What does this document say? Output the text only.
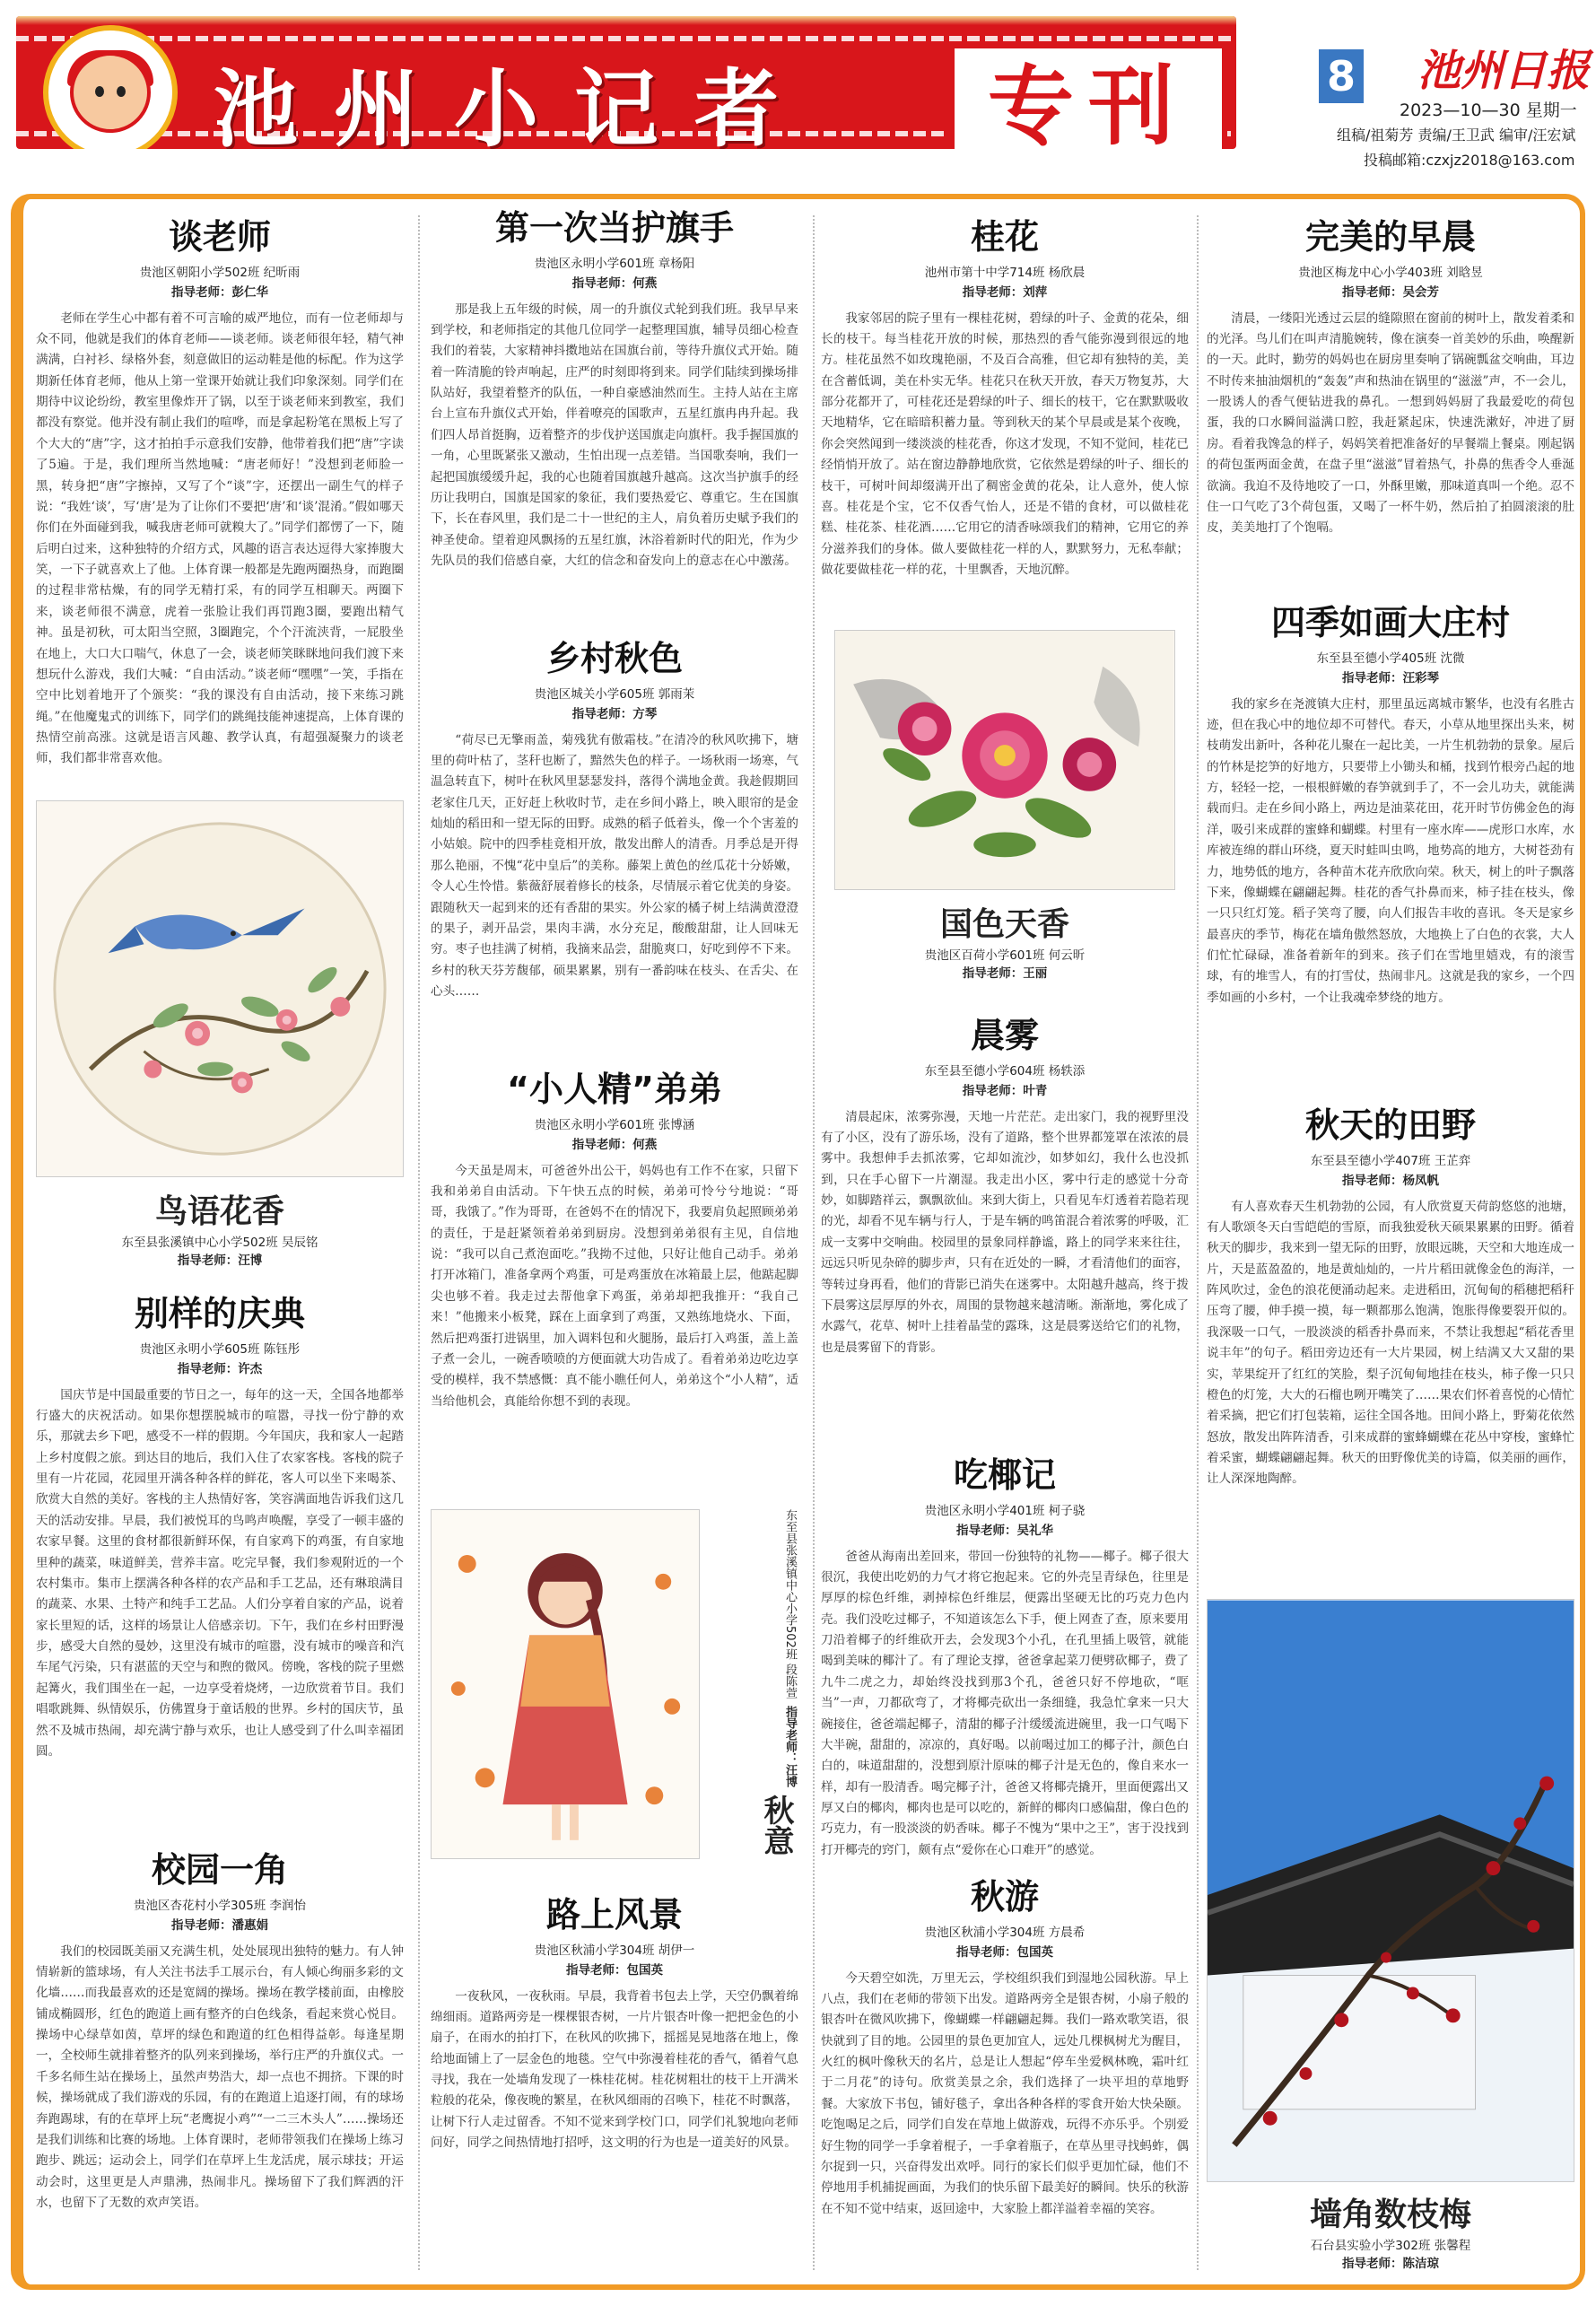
池州小记者	专刊	8 池州日报
2023—10—30 星期一
组稿/祖菊芳 责编/王卫武 编审/汪宏斌
投稿邮箱:czxjz2018@163.com
谈老师
贵池区朝阳小学502班 纪昕雨
指导老师：彭仁华
老师在学生心中都有着不可言喻的威严地位，而有一位老师却与众不同，他就是我们的体育老师——谈老师。谈老师很年轻，精气神满满，白衬衫、绿格外套，刻意做旧的运动鞋是他的标配。作为这学期新任体育老师，他从上第一堂课开始就让我们印象深刻。同学们在期待中议论纷纷，教室里像炸开了锅，以至于谈老师来到教室，我们都没有察觉。他并没有制止我们的喧哗，而是拿起粉笔在黑板上写了个大大的“唐”字，这才拍拍手示意我们安静，他带着我们把“唐”字读了5遍。于是，我们理所当然地喊：“唐老师好！”没想到老师脸一黑，转身把“唐”字擦掉，又写了个“谈”字，还摆出一副生气的样子说：“我姓‘谈’，写‘唐’是为了让你们不要把‘唐’和‘谈’混淆。”假如哪天你们在外面碰到我，喊我唐老师可就糗大了。”同学们都愣了一下，随后明白过来，这种独特的介绍方式，风趣的语言表达逗得大家捧腹大笑，一下子就喜欢上了他。上体育课一般都是先跑两圈热身，而跑圈的过程非常枯燥，有的同学无精打采，有的同学互相聊天。两圈下来，谈老师很不满意，虎着一张脸让我们再罚跑3圈，要跑出精气神。虽是初秋，可太阳当空照，3圈跑完，个个汗流浃背，一屁股坐在地上，大口大口喘气，休息了一会，谈老师笑眯眯地问我们渡下来想玩什么游戏，我们大喊：“自由活动。”谈老师“嘿嘿”一笑，手指在空中比划着地开了个颁奖：“我的课没有自由活动，接下来练习跳绳。”在他魔鬼式的训练下，同学们的跳绳技能神速提高，上体育课的热情空前高涨。这就是语言风趣、教学认真，有超强凝聚力的谈老师，我们都非常喜欢他。
鸟语花香
东至县张溪镇中心小学502班 吴辰铭
指导老师：汪博
别样的庆典
贵池区永明小学605班 陈钰彤
指导老师：许杰
国庆节是中国最重要的节日之一，每年的这一天，全国各地都举行盛大的庆祝活动。如果你想摆脱城市的喧嚣，寻找一份宁静的欢乐，那就去乡下吧，感受不一样的假期。今年国庆，我和家人一起踏上乡村度假之旅。到达目的地后，我们入住了农家客栈。客栈的院子里有一片花园，花园里开满各种各样的鲜花，客人可以坐下来喝茶、欣赏大自然的美好。客栈的主人热情好客，笑容满面地告诉我们这几天的活动安排。早晨，我们被悦耳的鸟鸣声唤醒，享受了一顿丰盛的农家早餐。这里的食材都很新鲜环保，有自家鸡下的鸡蛋，有自家地里种的蔬菜，味道鲜美，营养丰富。吃完早餐，我们参观附近的一个农村集市。集市上摆满各种各样的农产品和手工艺品，还有琳琅满目的蔬菜、水果、土特产和纯手工艺品。人们分享着自家的产品，说着家长里短的话，这样的场景让人倍感亲切。下午，我们在乡村田野漫步，感受大自然的曼妙，这里没有城市的喧嚣，没有城市的噪音和汽车尾气污染，只有湛蓝的天空与和煦的微风。傍晚，客栈的院子里燃起篝火，我们围坐在一起，一边享受着烧烤，一边欣赏着节目。我们唱歌跳舞、纵情娱乐，仿佛置身于童话般的世界。乡村的国庆节，虽然不及城市热闹，却充满宁静与欢乐，也让人感受到了什么叫幸福团圆。
校园一角
贵池区杏花村小学305班 李润怡
指导老师：潘惠娟
我们的校园既美丽又充满生机，处处展现出独特的魅力。有人钟情崭新的篮球场，有人关注书法手工展示台，有人倾心绚丽多彩的文化墙……而我最喜欢的还是宽阔的操场。操场在教学楼前面，由橡胶铺成椭圆形，红色的跑道上画有整齐的白色线条，看起来赏心悦目。操场中心绿草如茵，草坪的绿色和跑道的红色相得益彰。每逢星期一，全校师生就排着整齐的队列来到操场，举行庄严的升旗仪式。一千多名师生站在操场上，虽然声势浩大，却一点也不拥挤。下课的时候，操场就成了我们游戏的乐园，有的在跑道上追逐打闹，有的球场奔跑踢球，有的在草坪上玩“老鹰捉小鸡”“一二三木头人”……操场还是我们训练和比赛的场地。上体育课时，老师带领我们在操场上练习跑步、跳远；运动会上，同学们在草坪上生龙活虎，展示球技；开运动会时，这里更是人声鼎沸，热闹非凡。操场留下了我们辉洒的汗水，也留下了无数的欢声笑语。
第一次当护旗手
贵池区永明小学601班 章杨阳
指导老师：何燕
那是我上五年级的时候，周一的升旗仪式轮到我们班。我早早来到学校，和老师指定的其他几位同学一起整理国旗，辅导员细心检查我们的着装，大家精神抖擞地站在国旗台前，等待升旗仪式开始。随着一阵清脆的铃声响起，庄严的时刻即将到来。同学们陆续到操场排队站好，我望着整齐的队伍，一种自豪感油然而生。主持人站在主席台上宣布升旗仪式开始，伴着嘹亮的国歌声，五星红旗冉冉升起。我们四人昂首挺胸，迈着整齐的步伐护送国旗走向旗杆。我手握国旗的一角，心里既紧张又激动，生怕出现一点差错。当国歌奏响，我们一起把国旗缓缓升起，我的心也随着国旗越升越高。这次当护旗手的经历让我明白，国旗是国家的象征，我们要热爱它、尊重它。生在国旗下，长在春风里，我们是二十一世纪的主人，肩负着历史赋予我们的神圣使命。望着迎风飘扬的五星红旗，沐浴着新时代的阳光，作为少先队员的我们倍感自豪，大红的信念和奋发向上的意志在心中激荡。
乡村秋色
贵池区城关小学605班 郭雨茉
指导老师：方琴
“荷尽已无擎雨盖，菊残犹有傲霜枝。”在清冷的秋风吹拂下，塘里的荷叶枯了，茎秆也断了，黯然失色的样子。一场秋雨一场寒，气温急转直下，树叶在秋风里瑟瑟发抖，落得个满地金黄。我趁假期回老家住几天，正好赶上秋收时节，走在乡间小路上，映入眼帘的是金灿灿的稻田和一望无际的田野。成熟的稻子低着头，像一个个害羞的小姑娘。院中的四季桂竟相开放，散发出醉人的清香。月季总是开得那么艳丽，不愧“花中皇后”的美称。藤架上黄色的丝瓜花十分娇嫩，令人心生怜惜。紫薇舒展着修长的枝条，尽情展示着它优美的身姿。跟随秋天一起到来的还有香甜的果实。外公家的橘子树上结满黄澄澄的果子，剥开品尝，果肉丰满，水分充足，酸酸甜甜，让人回味无穷。枣子也挂满了树梢，我摘来品尝，甜脆爽口，好吃到停不下来。乡村的秋天芬芳馥郁，硕果累累，别有一番韵味在枝头、在舌尖、在心头……
“小人精”弟弟
贵池区永明小学601班 张博涵
指导老师：何燕
今天虽是周末，可爸爸外出公干，妈妈也有工作不在家，只留下我和弟弟自由活动。下午快五点的时候，弟弟可怜兮兮地说：“哥哥，我饿了。”作为哥哥，在爸妈不在的情况下，我要肩负起照顾弟弟的责任，于是赶紧领着弟弟到厨房。没想到弟弟很有主见，自信地说：“我可以自己煮泡面吃。”我拗不过他，只好让他自己动手。弟弟打开冰箱门，准备拿两个鸡蛋，可是鸡蛋放在冰箱最上层，他踮起脚尖也够不着。我走过去帮他拿下鸡蛋，弟弟却把我推开：“我自己来！”他搬来小板凳，踩在上面拿到了鸡蛋，又熟练地烧水、下面，然后把鸡蛋打进锅里，加入调料包和火腿肠，最后打入鸡蛋，盖上盖子煮一会儿，一碗香喷喷的方便面就大功告成了。看着弟弟边吃边享受的模样，我不禁感慨：真不能小瞧任何人，弟弟这个“小人精”，适当给他机会，真能给你想不到的表现。
东至县张溪镇中心小学502班 段陈萱
指导老师：汪博
秋意
路上风景
贵池区秋浦小学304班 胡伊一
指导老师：包国英
一夜秋风，一夜秋雨。早晨，我背着书包去上学，天空仍飘着绵绵细雨。道路两旁是一棵棵银杏树，一片片银杏叶像一把把金色的小扇子，在雨水的拍打下，在秋风的吹拂下，摇摇晃晃地落在地上，像给地面铺上了一层金色的地毯。空气中弥漫着桂花的香气，循着气息寻找，我在一处墙角发现了一株桂花树。桂花树粗壮的枝干上开满米粒般的花朵，像夜晚的繁星，在秋风细雨的召唤下，桂花不时飘落，让树下行人走过留香。不知不觉来到学校门口，同学们礼貌地向老师问好，同学之间热情地打招呼，这文明的行为也是一道美好的风景。
桂花
池州市第十中学714班 杨欣晨
指导老师：刘萍
我家邻居的院子里有一棵桂花树，碧绿的叶子、金黄的花朵，细长的枝干。每当桂花开放的时候，那热烈的香气能弥漫到很远的地方。桂花虽然不如玫瑰艳丽，不及百合高雅，但它却有独特的美，美在含蓄低调，美在朴实无华。桂花只在秋天开放，春天万物复苏，大部分花都开了，可桂花还是碧绿的叶子、细长的枝干，它在默默吸收天地精华，它在暗暗积蓄力量。等到秋天的某个早晨或是某个夜晚，你会突然闻到一缕淡淡的桂花香，你这才发现，不知不觉间，桂花已经悄悄开放了。站在窗边静静地欣赏，它依然是碧绿的叶子、细长的枝干，可树叶间却缀满开出了稠密金黄的花朵，让人意外，使人惊喜。桂花是个宝，它不仅香气怡人，还是不错的食材，可以做桂花糕、桂花茶、桂花酒……它用它的清香咏颂我们的精神，它用它的养分滋养我们的身体。做人要做桂花一样的人，默默努力，无私奉献；做花要做桂花一样的花，十里飘香，天地沉醉。
国色天香
贵池区百荷小学601班 何云昕
指导老师：王丽
晨雾
东至县至德小学604班 杨轶添
指导老师：叶青
清晨起床，浓雾弥漫，天地一片茫茫。走出家门，我的视野里没有了小区，没有了游乐场，没有了道路，整个世界都笼罩在浓浓的晨雾中。我想伸手去抓浓雾，它却如流沙，如梦如幻，我什么也没抓到，只在手心留下一片潮湿。我走出小区，雾中行走的感觉十分奇妙，如脚踏祥云，飘飘欲仙。来到大街上，只看见车灯透着若隐若现的光，却看不见车辆与行人，于是车辆的鸣笛混合着浓雾的呼吸，汇成一支雾中交响曲。校园里的景象同样静谧，路上的同学来来往往，远远只听见杂碎的脚步声，只有在近处的一瞬，才看清他们的面容，等转过身再看，他们的背影已消失在迷雾中。太阳越升越高，终于拨下晨雾这层厚厚的外衣，周围的景物越来越清晰。渐渐地，雾化成了水露气，花草、树叶上挂着晶莹的露珠，这是晨雾送给它们的礼物，也是晨雾留下的背影。
吃椰记
贵池区永明小学401班 柯子骁
指导老师：吴礼华
爸爸从海南出差回来，带回一份独特的礼物——椰子。椰子很大很沉，我使出吃奶的力气才将它抱起来。它的外壳呈青绿色，往里是厚厚的棕色纤维，剥掉棕色纤维层，便露出坚硬无比的巧克力色内壳。我们没吃过椰子，不知道该怎么下手，便上网查了查，原来要用刀沿着椰子的纤维砍开去，会发现3个小孔，在孔里插上吸管，就能喝到美味的椰汁了。有了理论支撑，爸爸拿起菜刀便劈砍椰子，费了九牛二虎之力，却始终没找到那3个孔，爸爸只好不停地砍，“哐当”一声，刀都砍弯了，才将椰壳砍出一条细缝，我急忙拿来一只大碗接住，爸爸端起椰子，清甜的椰子汁缓缓流进碗里，我一口气喝下大半碗，甜甜的，凉凉的，真好喝。以前喝过加工的椰子汁，颜色白白的，味道甜甜的，没想到原汁原味的椰子汁是无色的，像自来水一样，却有一股清香。喝完椰子汁，爸爸又将椰壳撬开，里面便露出又厚又白的椰肉，椰肉也是可以吃的，新鲜的椰肉口感偏甜，像白色的巧克力，有一股淡淡的奶香味。椰子不愧为“果中之王”，害于没找到打开椰壳的窍门，颇有点“爱你在心口难开”的感觉。
秋游
贵池区秋浦小学304班 方晨希
指导老师：包国英
今天碧空如洗，万里无云，学校组织我们到湿地公园秋游。早上八点，我们在老师的带领下出发。道路两旁全是银杏树，小扇子般的银杏叶在微风吹拂下，像蝴蝶一样翩翩起舞。我们一路欢歌笑语，很快就到了目的地。公园里的景色更加宜人，远处几棵枫树尤为醒目，火红的枫叶像秋天的名片，总是让人想起“停车坐爱枫林晚，霜叶红于二月花”的诗句。欣赏美景之余，我们选择了一块平坦的草地野餐。大家放下书包，铺好毯子，拿出各种各样的零食开始大快朵颐。吃饱喝足之后，同学们自发在草地上做游戏，玩得不亦乐乎。个别爱好生物的同学一手拿着棍子，一手拿着瓶子，在草丛里寻找蚂蚱，偶尔捉到一只，兴奋得发出欢呼。同行的家长们似乎更加忙碌，他们不停地用手机捕捉画面，为我们的快乐留下最美好的瞬间。快乐的秋游在不知不觉中结束，返回途中，大家脸上都洋溢着幸福的笑容。
完美的早晨
贵池区梅龙中心小学403班 刘晗昱
指导老师：吴会芳
清晨，一缕阳光透过云层的缝隙照在窗前的树叶上，散发着柔和的光泽。鸟儿们在叫声清脆婉转，像在演奏一首美妙的乐曲，唤醒新的一天。此时，勤劳的妈妈也在厨房里奏响了锅碗瓢盆交响曲，耳边不时传来抽油烟机的“轰轰”声和热油在锅里的“滋滋”声，不一会儿，一股诱人的香气便钻进我的鼻孔。一想到妈妈厨了我最爱吃的荷包蛋，我的口水瞬间溢满口腔，我赶紧起床，快速洗漱好，冲进了厨房。看着我馋急的样子，妈妈笑着把准备好的早餐端上餐桌。刚起锅的荷包蛋两面金黄，在盘子里“滋滋”冒着热气，扑鼻的焦香令人垂涎欲滴。我迫不及待地咬了一口，外酥里嫩，那味道真叫一个绝。忍不住一口气吃了3个荷包蛋，又喝了一杯牛奶，然后拍了拍圆滚滚的肚皮，美美地打了个饱嗝。
四季如画大庄村
东至县至德小学405班 沈微
指导老师：汪彩琴
我的家乡在尧渡镇大庄村，那里虽远离城市繁华，也没有名胜古迹，但在我心中的地位却不可替代。春天，小草从地里探出头来，树枝萌发出新叶，各种花儿聚在一起比美，一片生机勃勃的景象。屋后的竹林是挖笋的好地方，只要带上小锄头和桶，找到竹根旁凸起的地方，轻轻一挖，一根根鲜嫩的春笋就到手了，不一会儿功夫，就能满载而归。走在乡间小路上，两边是油菜花田，花开时节仿佛金色的海洋，吸引来成群的蜜蜂和蝴蝶。村里有一座水库——虎形口水库，水库被连绵的群山环绕，夏天时蛙叫虫鸣，地势高的地方，大树苍劲有力，地势低的地方，各种苗木花卉欣欣向荣。秋天，树上的叶子飘落下来，像蝴蝶在翩翩起舞。桂花的香气扑鼻而来，柿子挂在枝头，像一只只红灯笼。稻子笑弯了腰，向人们报告丰收的喜讯。冬天是家乡最喜庆的季节，梅花在墙角傲然怒放，大地换上了白色的衣裳，大人们忙忙碌碌，准备着新年的到来。孩子们在雪地里嬉戏，有的滚雪球，有的堆雪人，有的打雪仗，热闹非凡。这就是我的家乡，一个四季如画的小乡村，一个让我魂牵梦绕的地方。
秋天的田野
东至县至德小学407班 王芷弈
指导老师：杨凤帆
有人喜欢春天生机勃勃的公园，有人欣赏夏天荷韵悠悠的池塘，有人歌颂冬天白雪皑皑的雪原，而我独爱秋天硕果累累的田野。循着秋天的脚步，我来到一望无际的田野，放眼远眺，天空和大地连成一片，天是蓝盈盈的，地是黄灿灿的，一片片稻田就像金色的海洋，一阵风吹过，金色的浪花便涌动起来。走进稻田，沉甸甸的稻穗把稻秆压弯了腰，伸手摸一摸，每一颗都那么饱满，饱胀得像要裂开似的。我深吸一口气，一股淡淡的稻香扑鼻而来，不禁让我想起“稻花香里说丰年”的句子。稻田旁边还有一大片果园，树上结满又大又甜的果实，苹果绽开了红红的笑脸，梨子沉甸甸地挂在枝头，柿子像一只只橙色的灯笼，大大的石榴也咧开嘴笑了……果农们怀着喜悦的心情忙着采摘，把它们打包装箱，运往全国各地。田间小路上，野菊花依然怒放，散发出阵阵清香，引来成群的蜜蜂蝴蝶在花丛中穿梭，蜜蜂忙着采蜜，蝴蝶翩翩起舞。秋天的田野像优美的诗篇，似美丽的画作，让人深深地陶醉。
墙角数枝梅
石台县实验小学302班 张馨程
指导老师：陈洁琼
